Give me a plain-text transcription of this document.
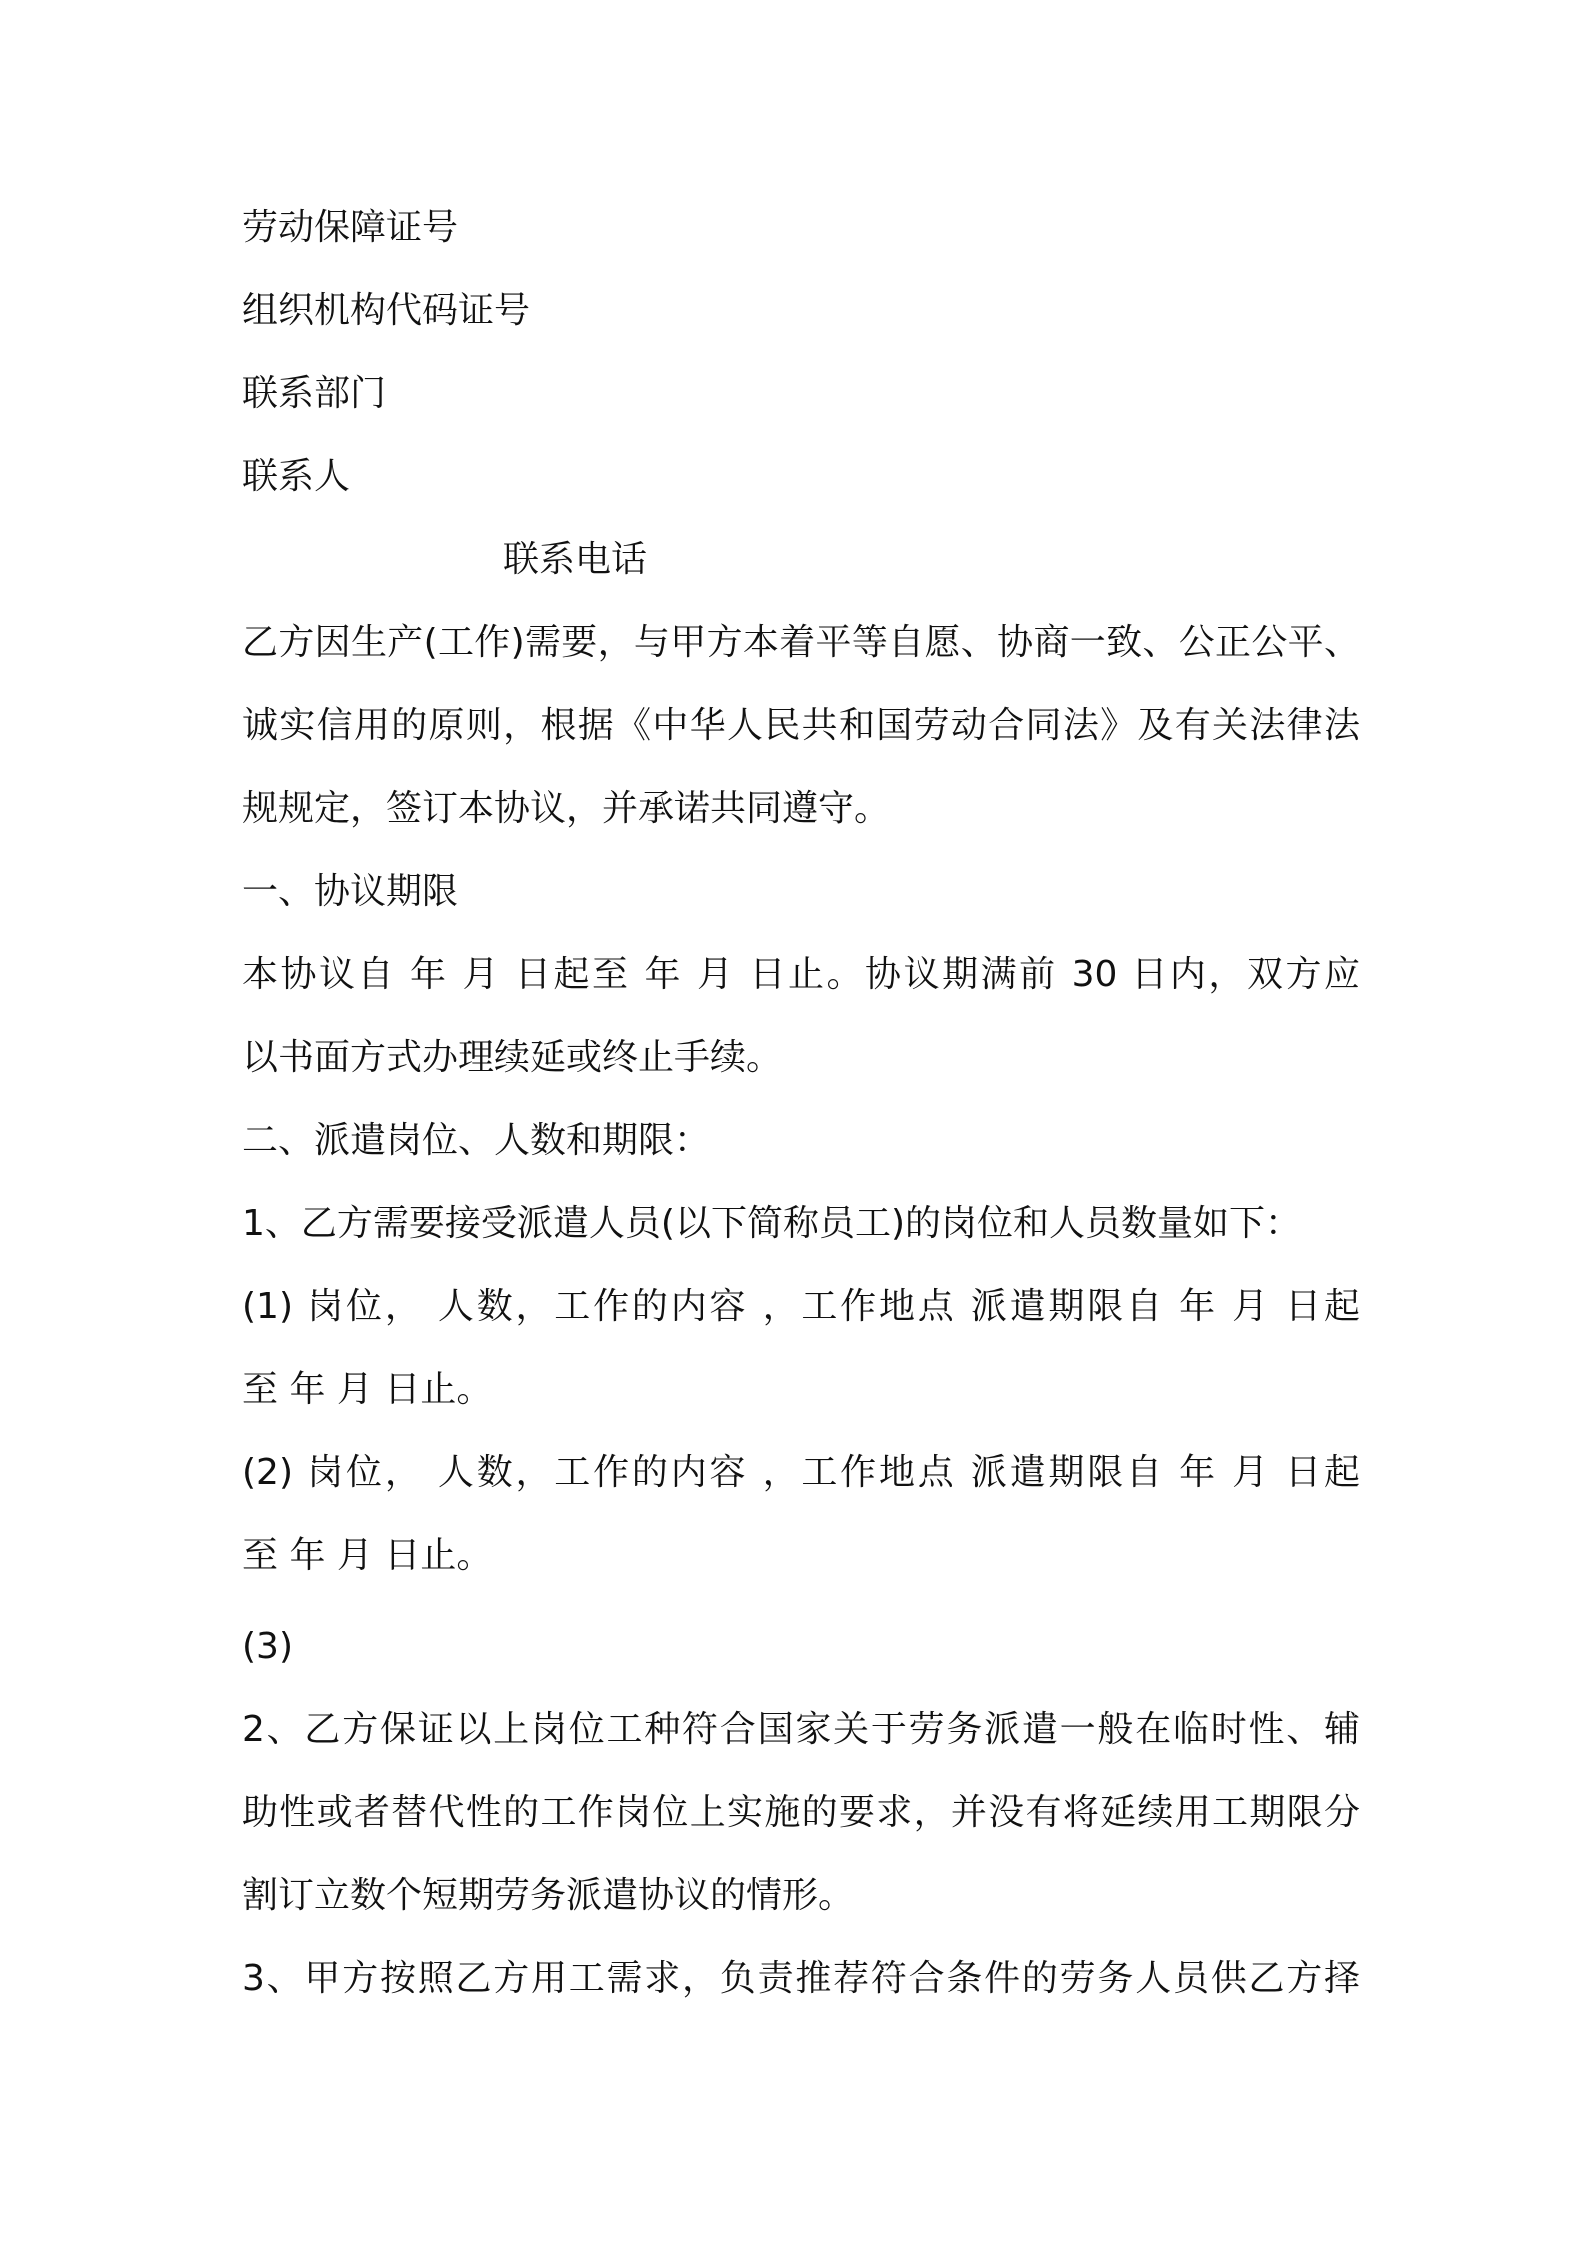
劳动保障证号

组织机构代码证号

联系部门

联系人

联系电话

乙方因生产(工作)需要，与甲方本着平等自愿、协商一致、公正公平、

诚实信用的原则，根据《中华人民共和国劳动合同法》及有关法律法

规规定，签订本协议，并承诺共同遵守。

一、协议期限

本协议自 年 月 日起至 年 月 日止。协议期满前 30 日内，双方应

以书面方式办理续延或终止手续。

二、派遣岗位、人数和期限：

1、乙方需要接受派遣人员(以下简称员工)的岗位和人员数量如下：

(1) 岗位， 人数，工作的内容 ，工作地点 派遣期限自 年 月 日起

至 年 月 日止。

(2) 岗位， 人数，工作的内容 ，工作地点 派遣期限自 年 月 日起

至 年 月 日止。

(3)

2、乙方保证以上岗位工种符合国家关于劳务派遣一般在临时性、辅

助性或者替代性的工作岗位上实施的要求，并没有将延续用工期限分

割订立数个短期劳务派遣协议的情形。

3、甲方按照乙方用工需求，负责推荐符合条件的劳务人员供乙方择
